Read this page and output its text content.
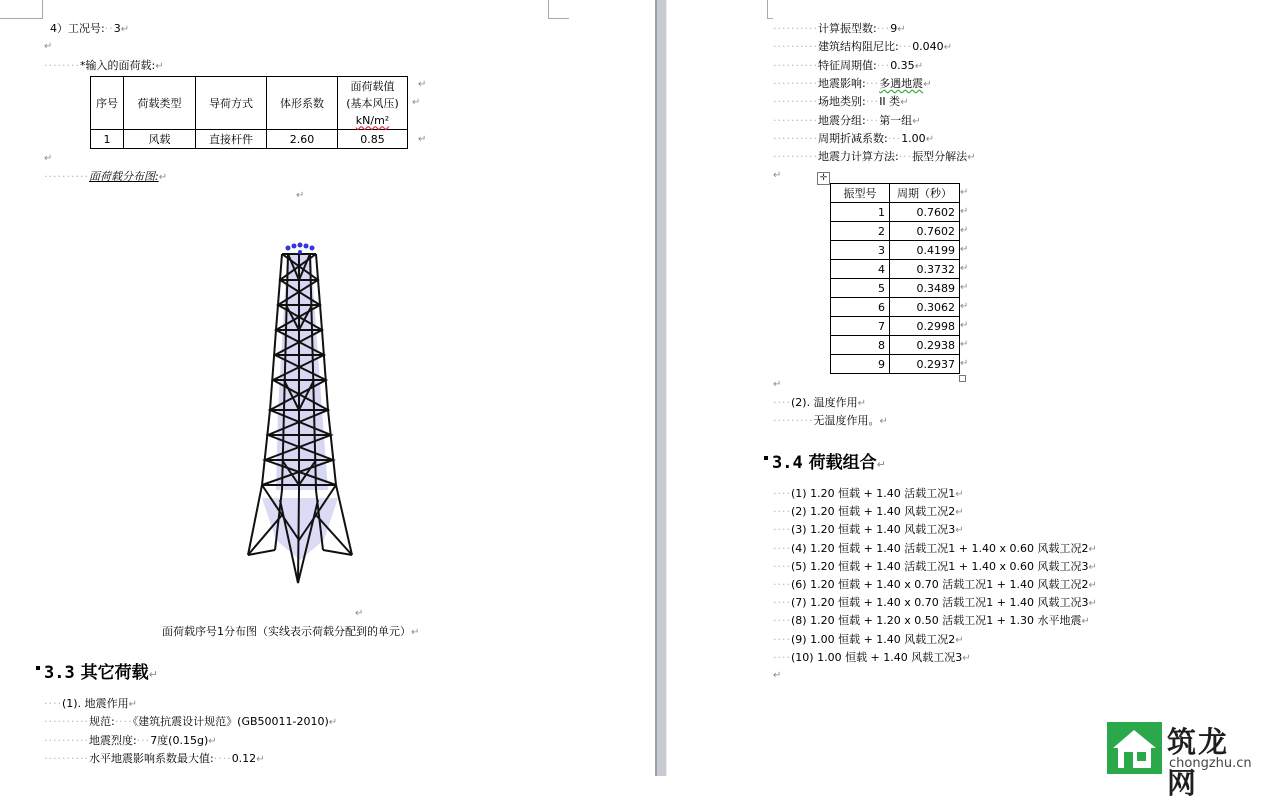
4）工况号:··3↵
↵
········*输入的面荷载:↵
序号	荷载类型	导荷方式	体形系数	面荷载值
(基本风压)
kN/m²

1	风载	直接杆件	2.60	0.85
↵
↵
↵
↵
··········面荷载分布图:↵
↵
↵
面荷载序号1分布图（实线表示荷载分配到的单元）↵
3.3 其它荷载↵
····(1). 地震作用↵
··········规范:····《建筑抗震设计规范》(GB50011-2010)↵
··········地震烈度:···7度(0.15g)↵
··········水平地震影响系数最大值:····0.12↵
··········计算振型数:···9↵
··········建筑结构阻尼比:···0.040↵
··········特征周期值:···0.35↵
··········地震影响:···多遇地震↵
··········场地类别:···II 类↵
··········地震分组:···第一组↵
··········周期折减系数:···1.00↵
··········地震力计算方法:···振型分解法↵
↵	✛
振型号	周期（秒）
1	0.7602
2	0.7602
3	0.4199
4	0.3732
5	0.3489
6	0.3062
7	0.2998
8	0.2938
9	0.2937
↵
↵
↵
↵
↵
↵
↵
↵
↵
↵
↵
····(2). 温度作用↵
·········无温度作用。↵
3.4 荷载组合↵
····(1) 1.20 恒载 + 1.40 活载工况1↵
····(2) 1.20 恒载 + 1.40 风载工况2↵
····(3) 1.20 恒载 + 1.40 风载工况3↵
····(4) 1.20 恒载 + 1.40 活载工况1 + 1.40 x 0.60 风载工况2↵
····(5) 1.20 恒载 + 1.40 活载工况1 + 1.40 x 0.60 风载工况3↵
····(6) 1.20 恒载 + 1.40 x 0.70 活载工况1 + 1.40 风载工况2↵
····(7) 1.20 恒载 + 1.40 x 0.70 活载工况1 + 1.40 风载工况3↵
····(8) 1.20 恒载 + 1.20 x 0.50 活载工况1 + 1.30 水平地震↵
····(9) 1.00 恒载 + 1.40 风载工况2↵
····(10) 1.00 恒载 + 1.40 风载工况3↵
↵
筑龙网
chongzhu.cn
